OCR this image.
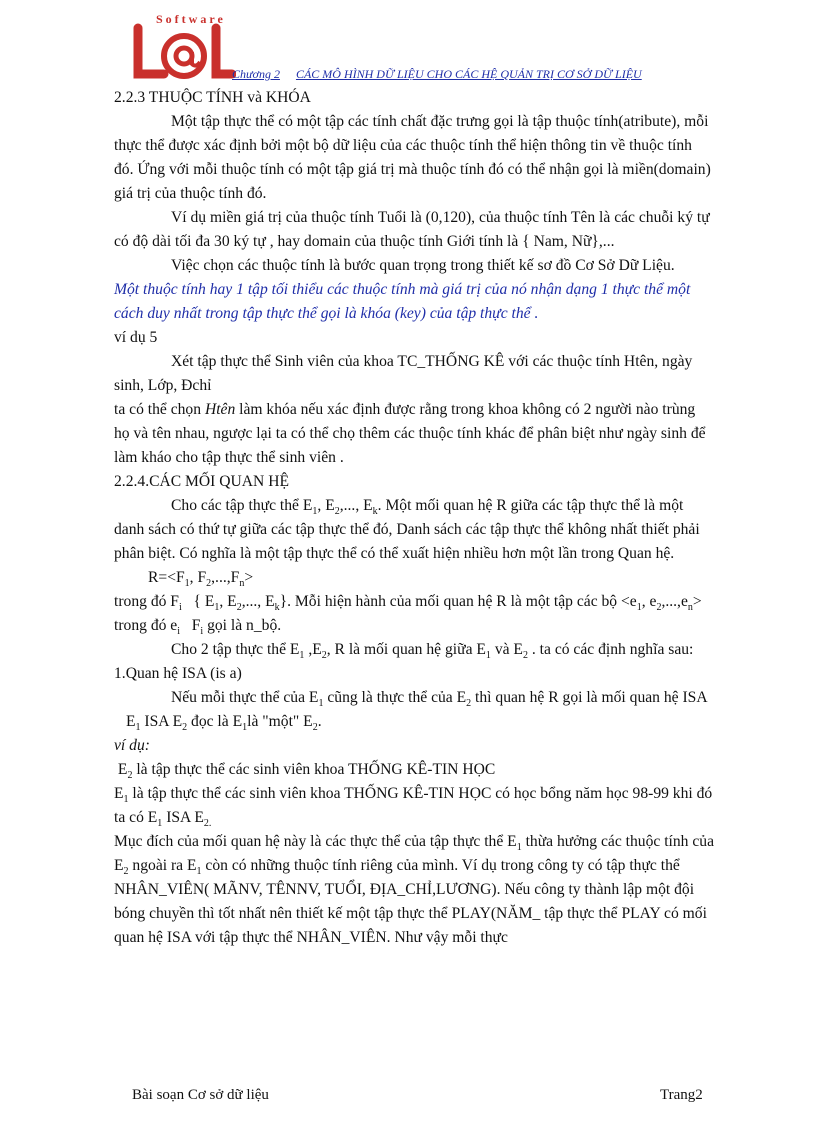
Software
Chương 2 CÁC MÔ HÌNH DỮ LIỆU CHO CÁC HỆ QUẢN TRỊ CƠ SỞ DỮ LIỆU

2.2.3 THUỘC TÍNH và KHÓA

Một tập thực thể có một tập các tính chất đặc trưng gọi là tập thuộc tính(atribute), mỗi thực thể được xác định bởi một bộ dữ liệu của các thuộc tính thể hiện thông tin về thuộc tính đó. Ứng với mỗi thuộc tính có một tập giá trị mà thuộc tính đó có thể nhận gọi là miền(domain) giá trị của thuộc tính đó.

Ví dụ miền giá trị của thuộc tính Tuổi là (0,120), của thuộc tính Tên là các chuỗi ký tự có độ dài tối đa 30 ký tự , hay domain của thuộc tính Giới tính là { Nam, Nữ},...

Việc chọn các thuộc tính là bước quan trọng trong thiết kế sơ đồ Cơ Sở Dữ Liệu.

Một thuộc tính hay 1 tập tối thiểu các thuộc tính mà giá trị của nó nhận dạng 1 thực thể một cách duy nhất trong tập thực thể gọi là khóa (key) của tập thực thể .

ví dụ 5

Xét tập thực thể Sinh viên của khoa TC_THỐNG KÊ với các thuộc tính Htên, ngày sinh, Lớp, Đchỉ

ta có thể chọn Htên làm khóa nếu xác định được rằng trong khoa không có 2 người nào trùng họ và tên nhau, ngược lại ta có thể chọ thêm các thuộc tính khác để phân biệt như ngày sinh để làm kháo cho tập thực thể sinh viên .

2.2.4.CÁC MỐI QUAN HỆ

Cho các tập thực thể $E_1$, $E_2$,..., $E_k$. Một mối quan hệ R giữa các tập thực thể là một danh sách có thứ tự giữa các tập thực thể đó, Danh sách các tập thực thể không nhất thiết phải phân biệt. Có nghĩa là một tập thực thể có thể xuất hiện nhiều hơn một lần trong Quan hệ.

$R=<F_1$, $F_2,...,F_n>$

trong đó $F_i$   { $E_1$, $E_2$,..., $E_k$}. Mỗi hiện hành của mối quan hệ R là một tập các bộ $<e_1$, $e_2,...,e_n>$ trong đó $e_i$   $F_i$ gọi là n_bộ.

Cho 2 tập thực thể $E_1$ $,E_2$, R là mối quan hệ giữa $E_1$ và $E_2$ . ta có các định nghĩa sau:

1.Quan hệ ISA (is a)

Nếu mỗi thực thể của $E_1$ cũng là thực thể của $E_2$ thì quan hệ R gọi là mối quan hệ ISA

$E_1$ ISA $E_2$ đọc là $E_1là$ "một" $E_2$.

ví dụ:

$E_2$ là tập thực thể các sinh viên khoa THỐNG KÊ-TIN HỌC

$E_1$ là tập thực thể các sinh viên khoa THỐNG KÊ-TIN HỌC có học bổng năm học 98-99 khi đó ta có $E_1$ ISA $E_{2.}$

Mục đích của mối quan hệ này là các thực thể của tập thực thể $E_1$ thừa hưởng các thuộc tính của $E_2$ ngoài ra $E_1$ còn có những thuộc tính riêng của mình. Ví dụ trong công ty có tập thực thể NHÂN_VIÊN( MÃNV, TÊNNV, TUỔI, ĐỊA_CHỈ,LƯƠNG). Nếu công ty thành lập một đội bóng chuyền thì tốt nhất nên thiết kế một tập thực thể PLAY(NĂM_ tập thực thể PLAY có mối quan hệ ISA với tập thực thể NHÂN_VIÊN. Như vậy mỗi thực

Bài soạn Cơ sở dữ liệu	Trang2
